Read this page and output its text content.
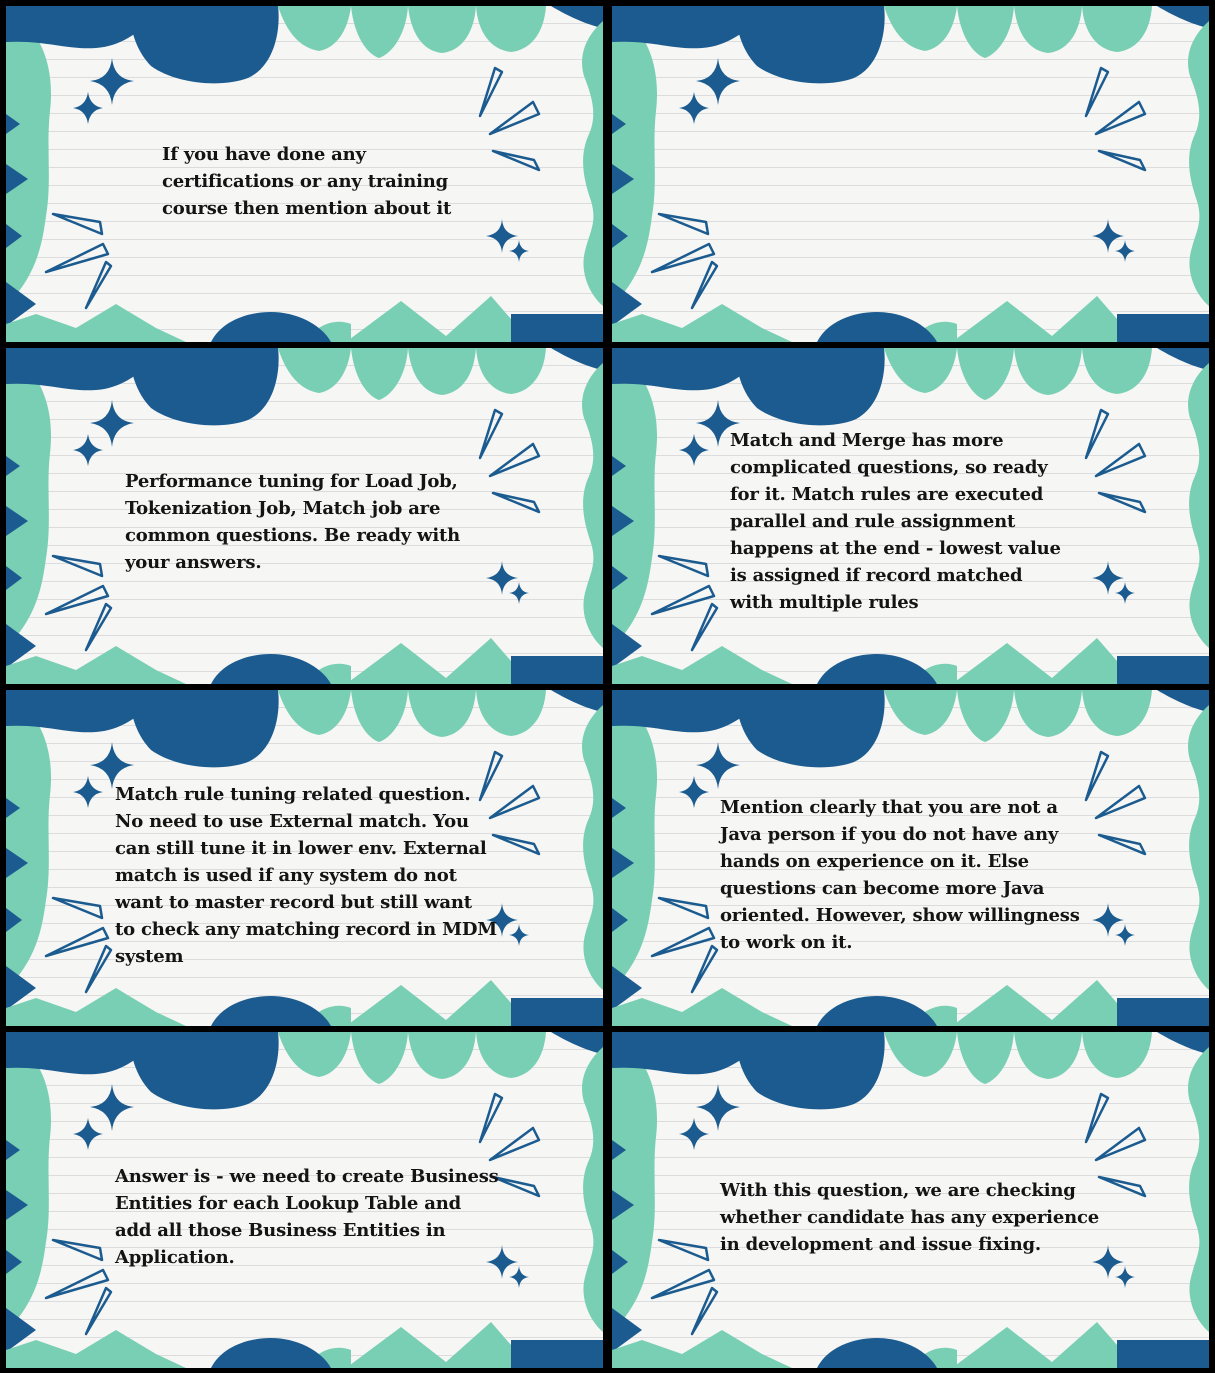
If you have done any
certifications or any training
course then mention about it

Performance tuning for Load Job,
Tokenization Job, Match job are
common questions. Be ready with
your answers.

Match and Merge has more
complicated questions, so ready
for it. Match rules are executed
parallel and rule assignment
happens at the end - lowest value
is assigned if record matched
with multiple rules

Match rule tuning related question.
No need to use External match. You
can still tune it in lower env. External
match is used if any system do not
want to master record but still want
to check any matching record in MDM
system

Mention clearly that you are not a
Java person if you do not have any
hands on experience on it. Else
questions can become more Java
oriented. However, show willingness
to work on it.

Answer is - we need to create Business
Entities for each Lookup Table and
add all those Business Entities in
Application.

With this question, we are checking
whether candidate has any experience
in development and issue fixing.
